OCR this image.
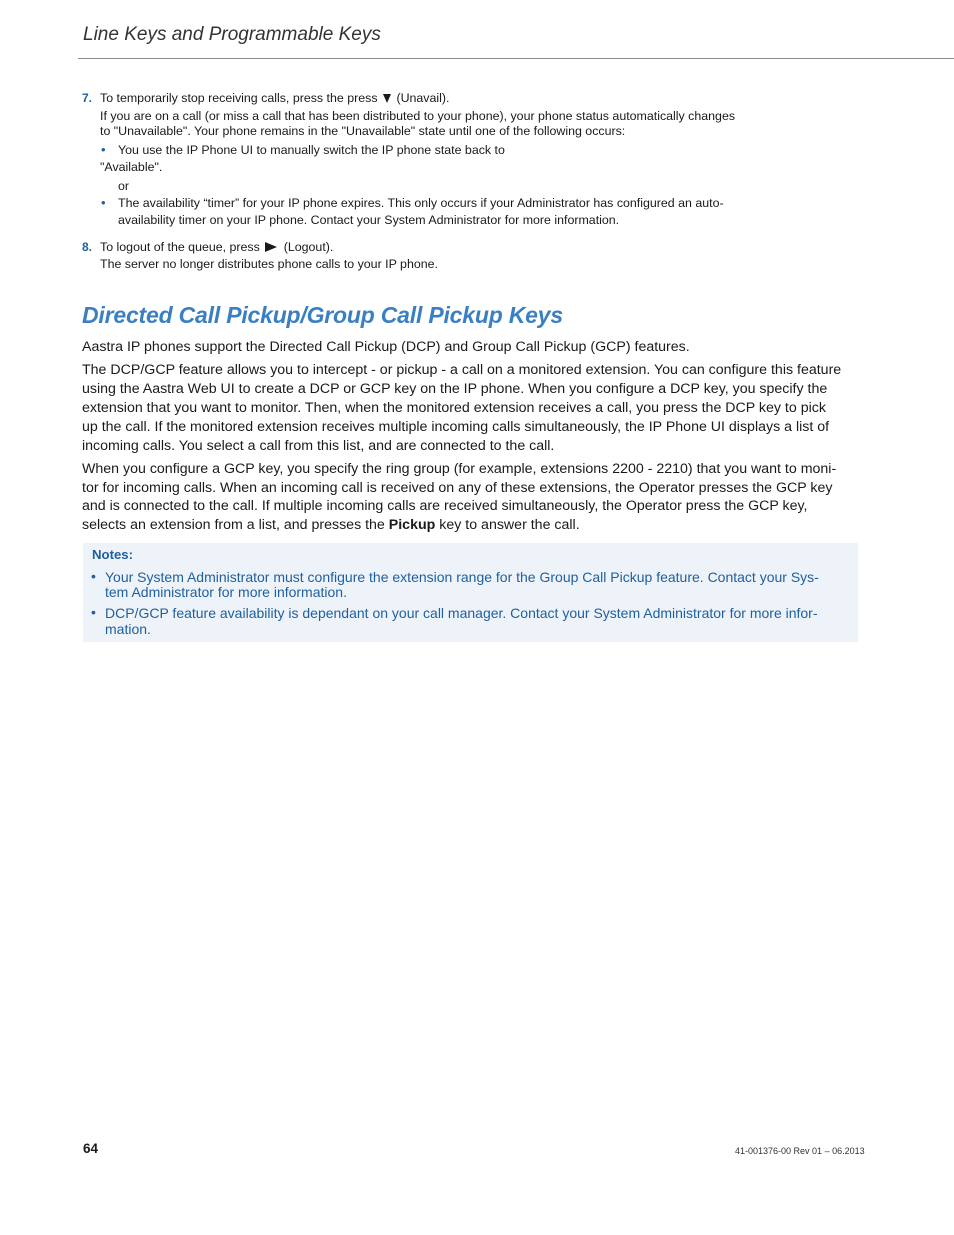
Line Keys and Programmable Keys
7. To temporarily stop receiving calls, press the press (Unavail).
If you are on a call (or miss a call that has been distributed to your phone), your phone status automatically changes
to "Unavailable". Your phone remains in the "Unavailable" state until one of the following occurs:
• You use the IP Phone UI to manually switch the IP phone state back to
"Available".
or
• The availability “timer” for your IP phone expires. This only occurs if your Administrator has configured an auto-
availability timer on your IP phone. Contact your System Administrator for more information.
8. To logout of the queue, press (Logout).
The server no longer distributes phone calls to your IP phone.
Directed Call Pickup/Group Call Pickup Keys
Aastra IP phones support the Directed Call Pickup (DCP) and Group Call Pickup (GCP) features.
The DCP/GCP feature allows you to intercept - or pickup - a call on a monitored extension. You can configure this feature
using the Aastra Web UI to create a DCP or GCP key on the IP phone. When you configure a DCP key, you specify the
extension that you want to monitor. Then, when the monitored extension receives a call, you press the DCP key to pick
up the call. If the monitored extension receives multiple incoming calls simultaneously, the IP Phone UI displays a list of
incoming calls. You select a call from this list, and are connected to the call.
When you configure a GCP key, you specify the ring group (for example, extensions 2200 - 2210) that you want to moni-
tor for incoming calls. When an incoming call is received on any of these extensions, the Operator presses the GCP key
and is connected to the call. If multiple incoming calls are received simultaneously, the Operator press the GCP key,
selects an extension from a list, and presses the Pickup key to answer the call.
Notes:
• Your System Administrator must configure the extension range for the Group Call Pickup feature. Contact your Sys-
tem Administrator for more information.
• DCP/GCP feature availability is dependant on your call manager. Contact your System Administrator for more infor-
mation.
64	41-001376-00 Rev 01 – 06.2013
